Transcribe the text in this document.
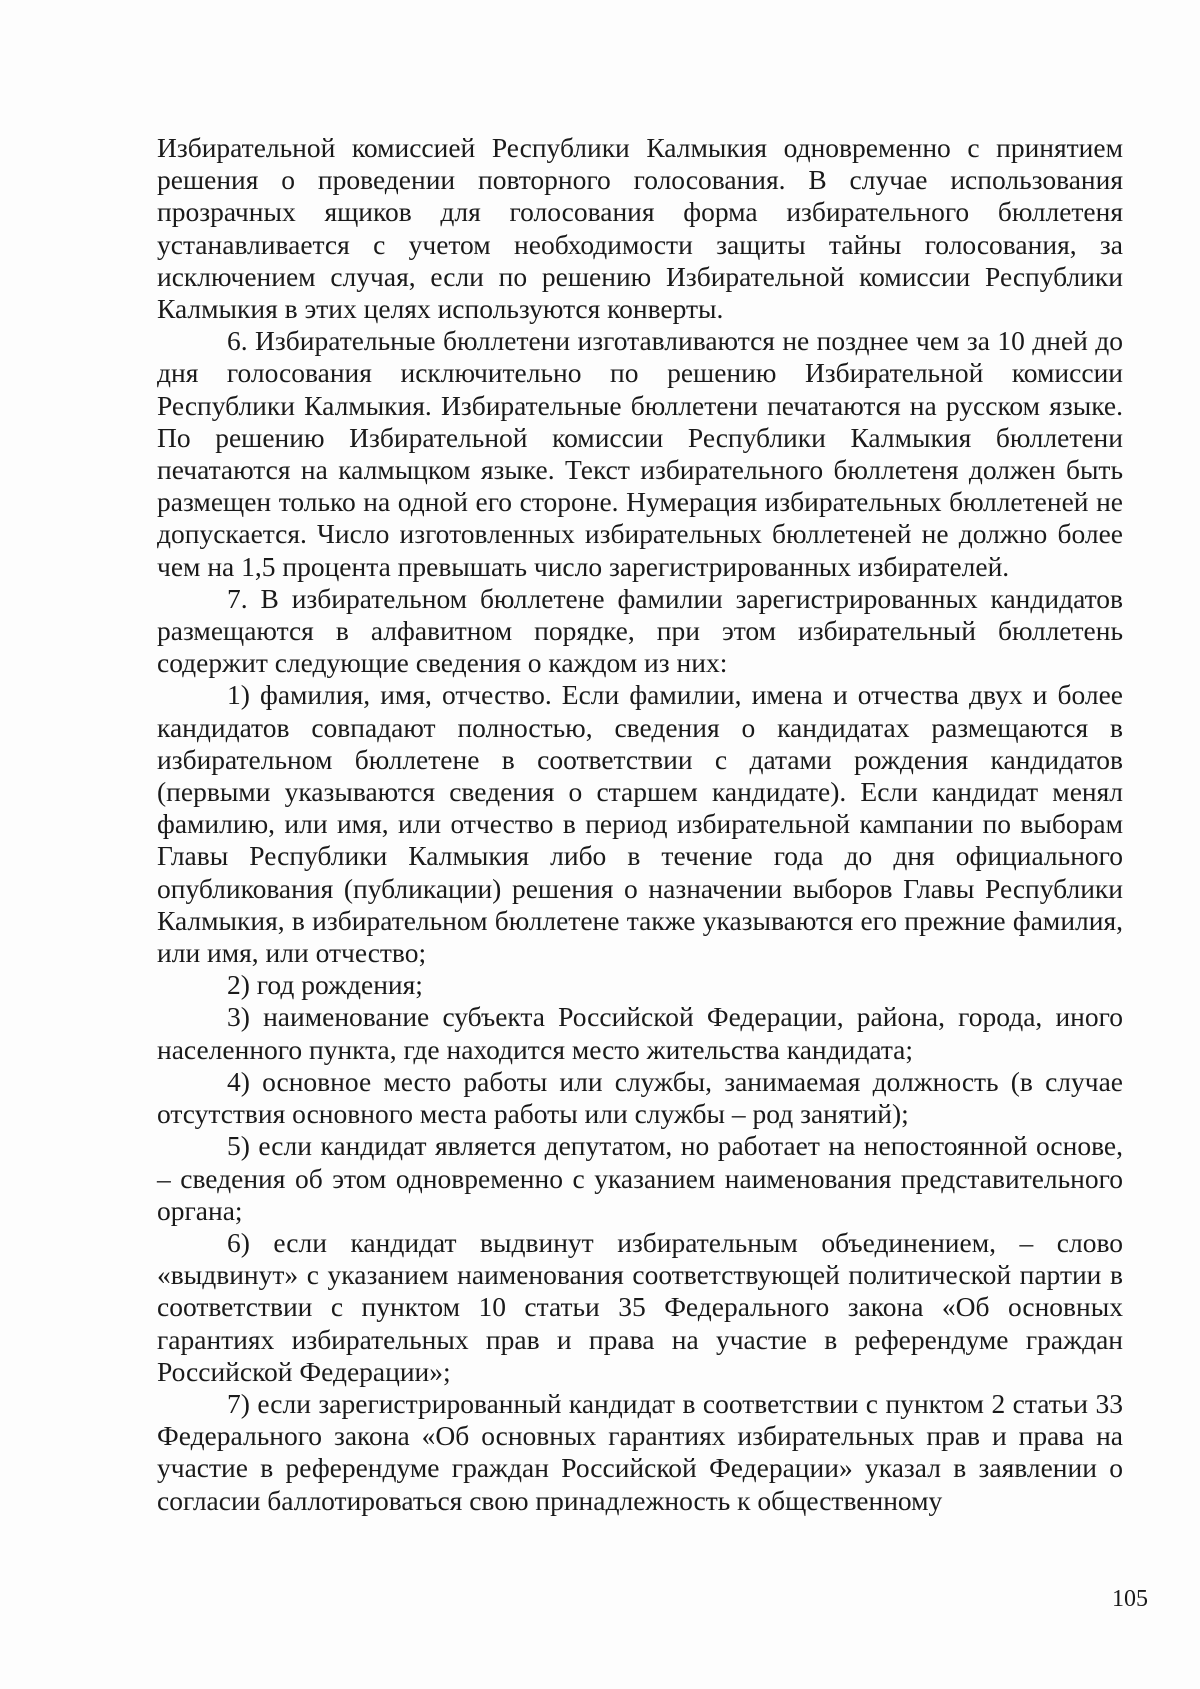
Избирательной комиссией Республики Калмыкия одновременно с принятием решения о проведении повторного голосования. В случае использования прозрачных ящиков для голосования форма избирательного бюллетеня устанавливается с учетом необходимости защиты тайны голосования, за исключением случая, если по решению Избирательной комиссии Республики Калмыкия в этих целях используются конверты.

6. Избирательные бюллетени изготавливаются не позднее чем за 10 дней до дня голосования исключительно по решению Избирательной комиссии Республики Калмыкия. Избирательные бюллетени печатаются на русском языке. По решению Избирательной комиссии Республики Калмыкия бюллетени печатаются на калмыцком языке. Текст избирательного бюллетеня должен быть размещен только на одной его стороне. Нумерация избирательных бюллетеней не допускается. Число изготовленных избирательных бюллетеней не должно более чем на 1,5 процента превышать число зарегистрированных избирателей.

7. В избирательном бюллетене фамилии зарегистрированных кандидатов размещаются в алфавитном порядке, при этом избирательный бюллетень содержит следующие сведения о каждом из них:

1) фамилия, имя, отчество. Если фамилии, имена и отчества двух и более кандидатов совпадают полностью, сведения о кандидатах размещаются в избирательном бюллетене в соответствии с датами рождения кандидатов (первыми указываются сведения о старшем кандидате). Если кандидат менял фамилию, или имя, или отчество в период избирательной кампании по выборам Главы Республики Калмыкия либо в течение года до дня официального опубликования (публикации) решения о назначении выборов Главы Республики Калмыкия, в избирательном бюллетене также указываются его прежние фамилия, или имя, или отчество;

2) год рождения;

3) наименование субъекта Российской Федерации, района, города, иного населенного пункта, где находится место жительства кандидата;

4) основное место работы или службы, занимаемая должность (в случае отсутствия основного места работы или службы – род занятий);

5) если кандидат является депутатом, но работает на непостоянной основе, – сведения об этом одновременно с указанием наименования представительного органа;

6) если кандидат выдвинут избирательным объединением, – слово «выдвинут» с указанием наименования соответствующей политической партии в соответствии с пунктом 10 статьи 35 Федерального закона «Об основных гарантиях избирательных прав и права на участие в референдуме граждан Российской Федерации»;

7) если зарегистрированный кандидат в соответствии с пунктом 2 статьи 33 Федерального закона «Об основных гарантиях избирательных прав и права на участие в референдуме граждан Российской Федерации» указал в заявлении о согласии баллотироваться свою принадлежность к общественному

105
